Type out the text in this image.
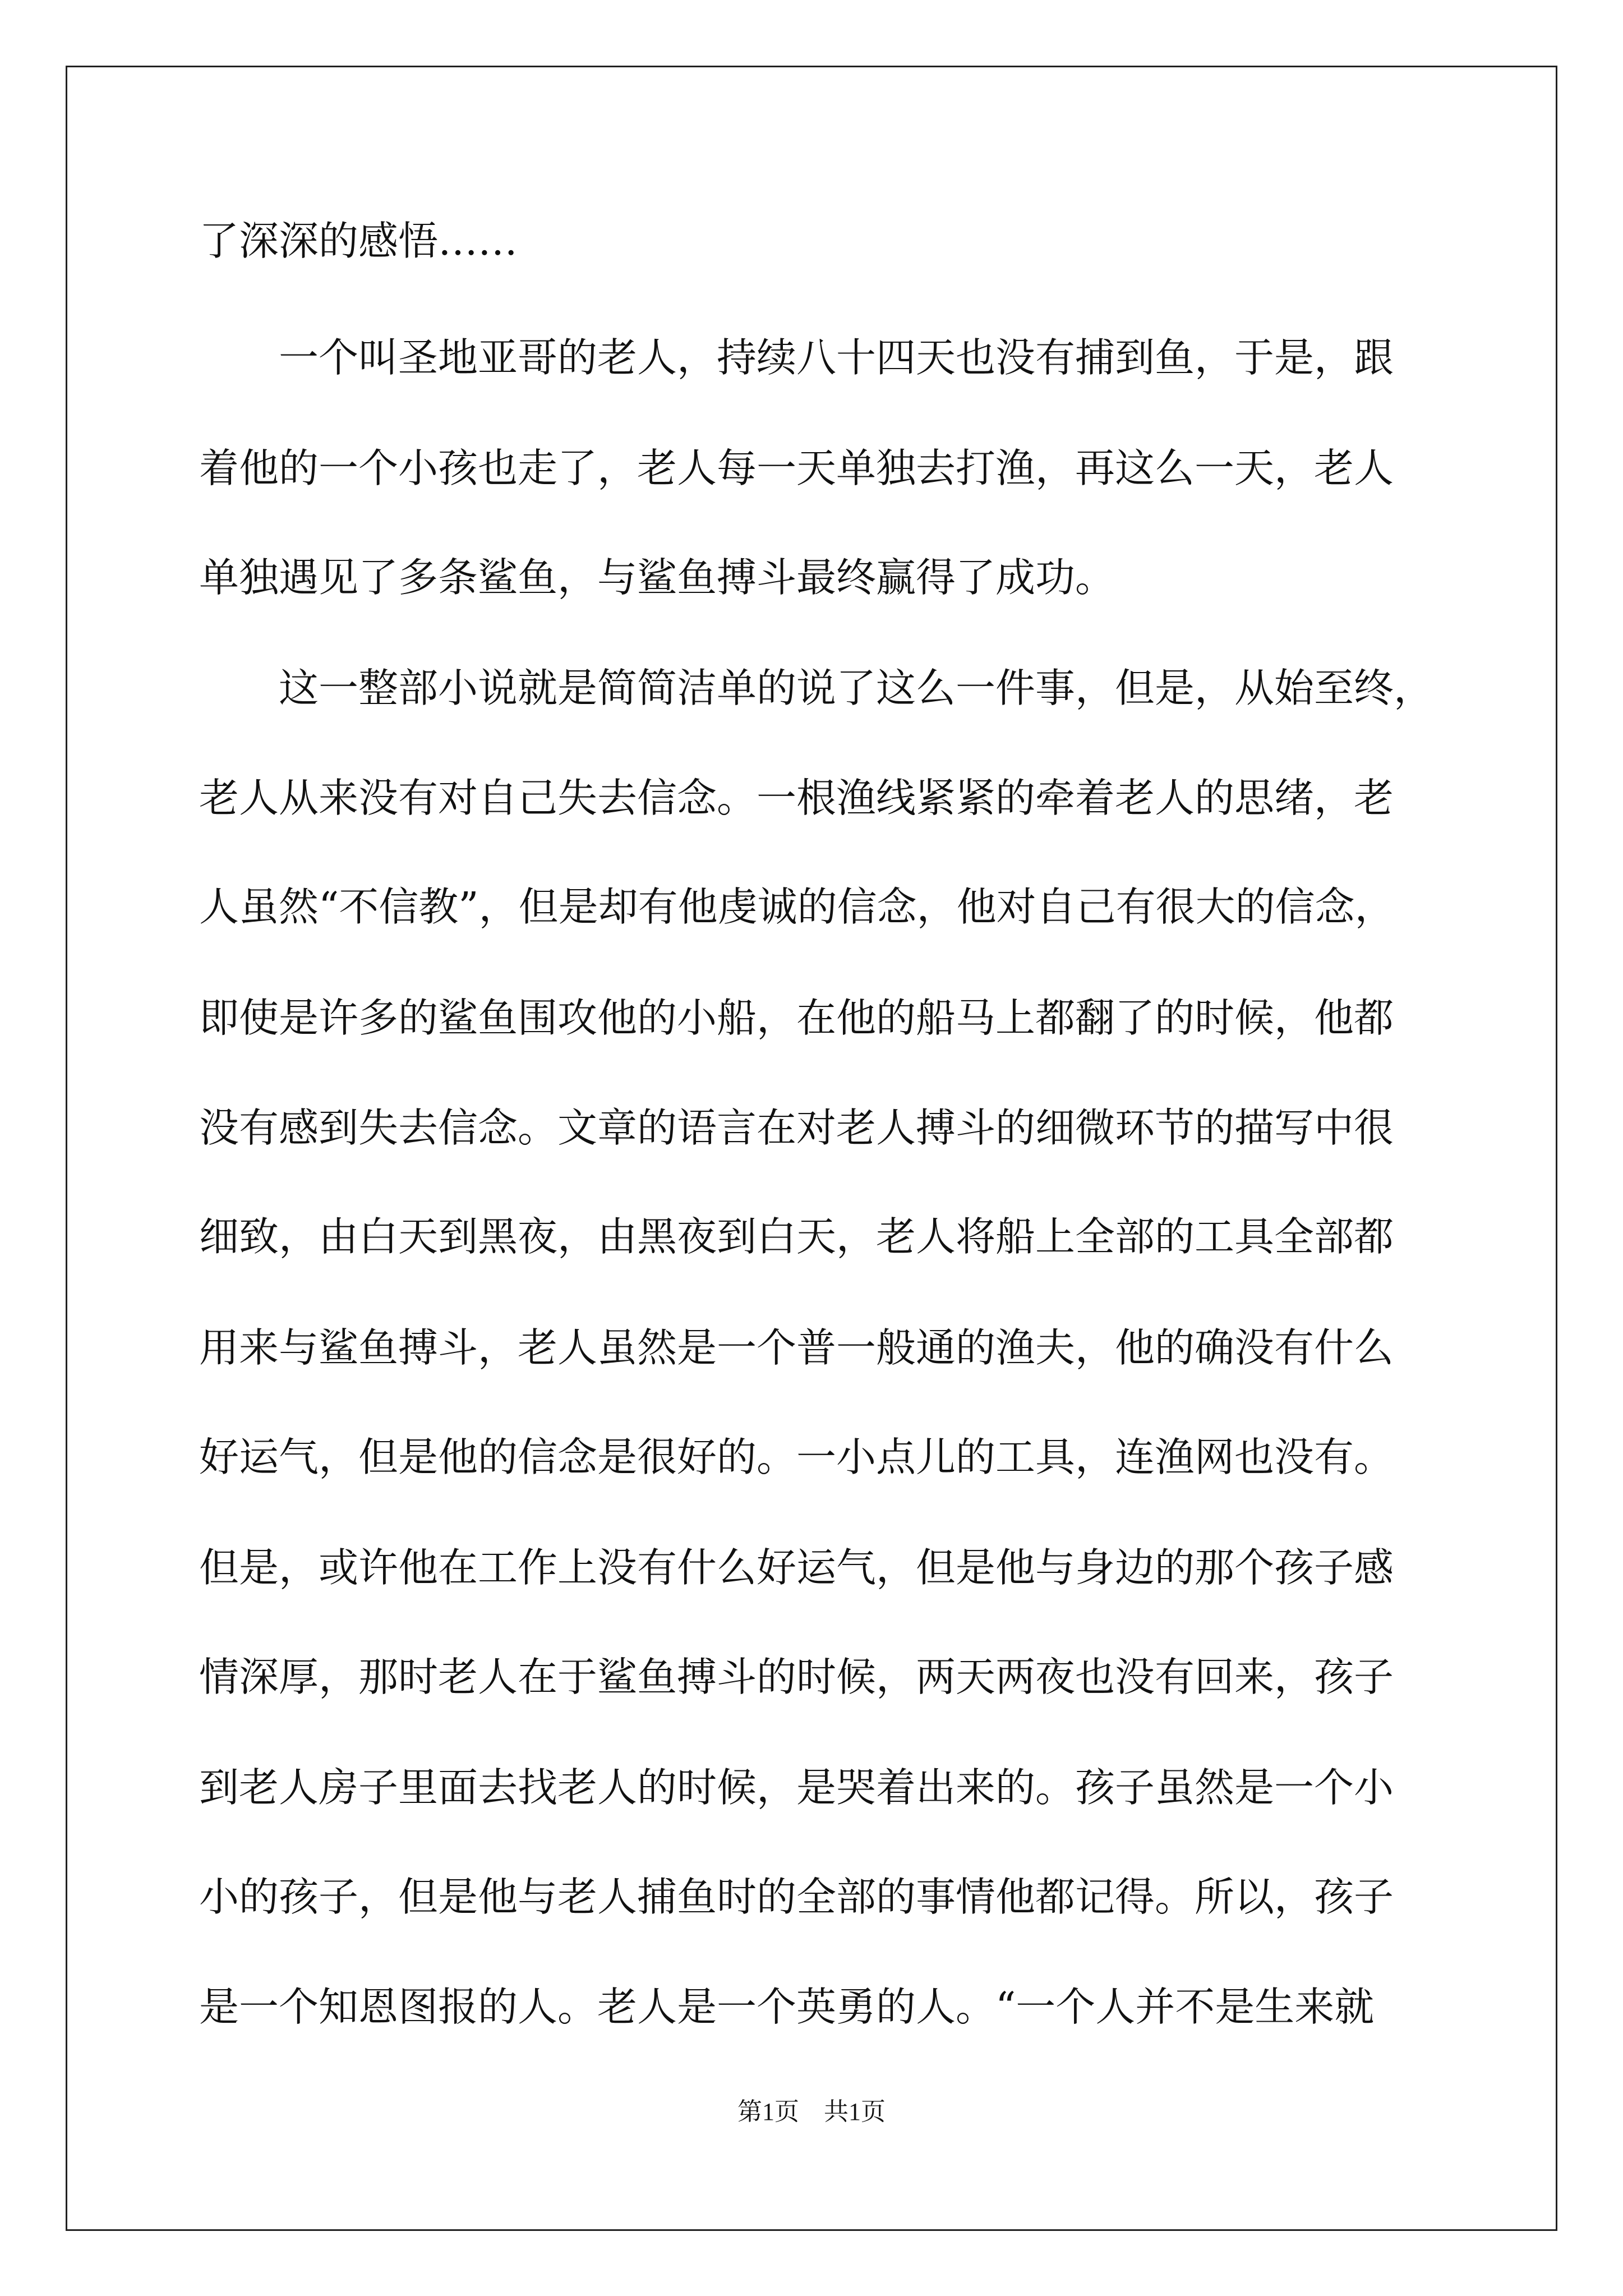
了深深的感悟……

一个叫圣地亚哥的老人，持续八十四天也没有捕到鱼，于是，跟

着他的一个小孩也走了，老人每一天单独去打渔，再这么一天，老人

单独遇见了多条鲨鱼，与鲨鱼搏斗最终赢得了成功。

这一整部小说就是简简洁单的说了这么一件事，但是，从始至终，

老人从来没有对自己失去信念。一根渔线紧紧的牵着老人的思绪，老

人虽然“不信教”，但是却有他虔诚的信念，他对自己有很大的信念，

即使是许多的鲨鱼围攻他的小船，在他的船马上都翻了的时候，他都

没有感到失去信念。文章的语言在对老人搏斗的细微环节的描写中很

细致，由白天到黑夜，由黑夜到白天，老人将船上全部的工具全部都

用来与鲨鱼搏斗，老人虽然是一个普一般通的渔夫，他的确没有什么

好运气，但是他的信念是很好的。一小点儿的工具，连渔网也没有。

但是，或许他在工作上没有什么好运气，但是他与身边的那个孩子感

情深厚，那时老人在于鲨鱼搏斗的时候，两天两夜也没有回来，孩子

到老人房子里面去找老人的时候，是哭着出来的。孩子虽然是一个小

小的孩子，但是他与老人捕鱼时的全部的事情他都记得。所以，孩子

是一个知恩图报的人。老人是一个英勇的人。“一个人并不是生来就

第1页　共1页
